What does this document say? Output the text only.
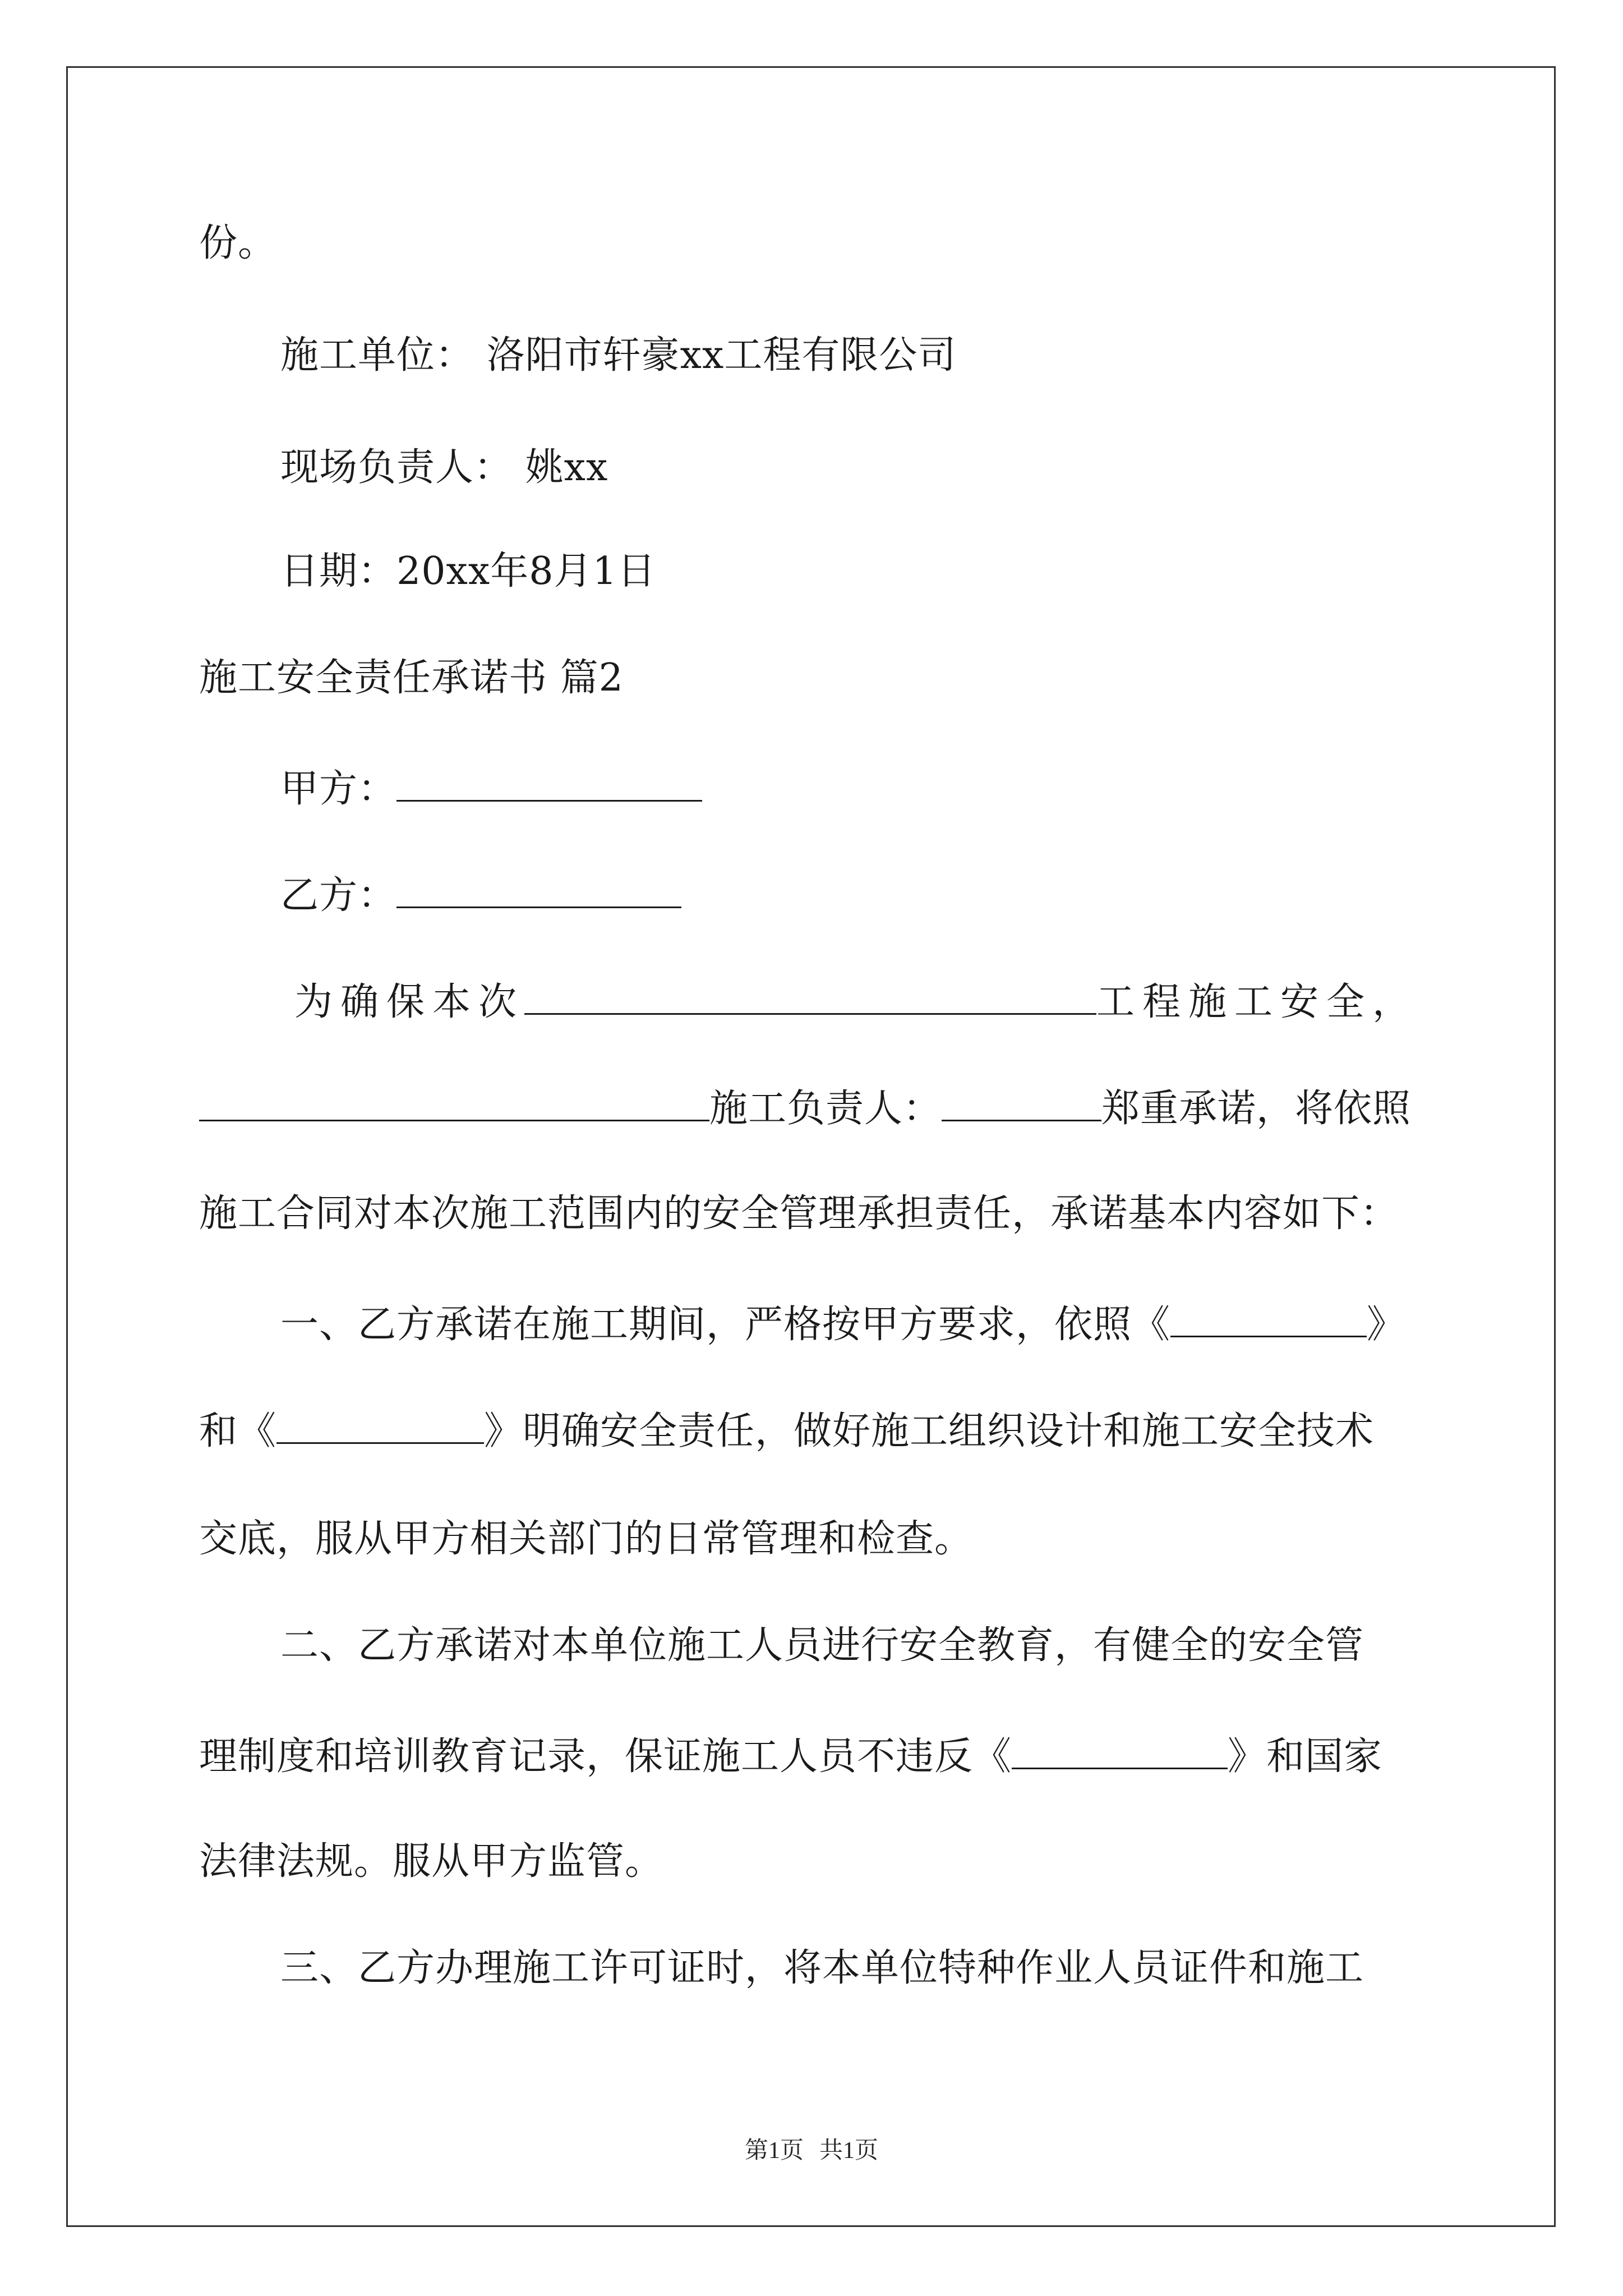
份。
施工单位： 洛阳市轩豪xx工程有限公司
现场负责人： 姚xx
日期：20xx年8月1日
施工安全责任承诺书 篇2
甲方：
乙方：
为确保本次	工程施工安全，
施工负责人：	郑重承诺，将依照
施工合同对本次施工范围内的安全管理承担责任，承诺基本内容如下：
一、乙方承诺在施工期间，严格按甲方要求，依照《	》
和《	》明确安全责任，做好施工组织设计和施工安全技术
交底，服从甲方相关部门的日常管理和检查。
二、乙方承诺对本单位施工人员进行安全教育，有健全的安全管
理制度和培训教育记录，保证施工人员不违反《	》和国家
法律法规。服从甲方监管。
三、乙方办理施工许可证时，将本单位特种作业人员证件和施工
第1页 共1页
